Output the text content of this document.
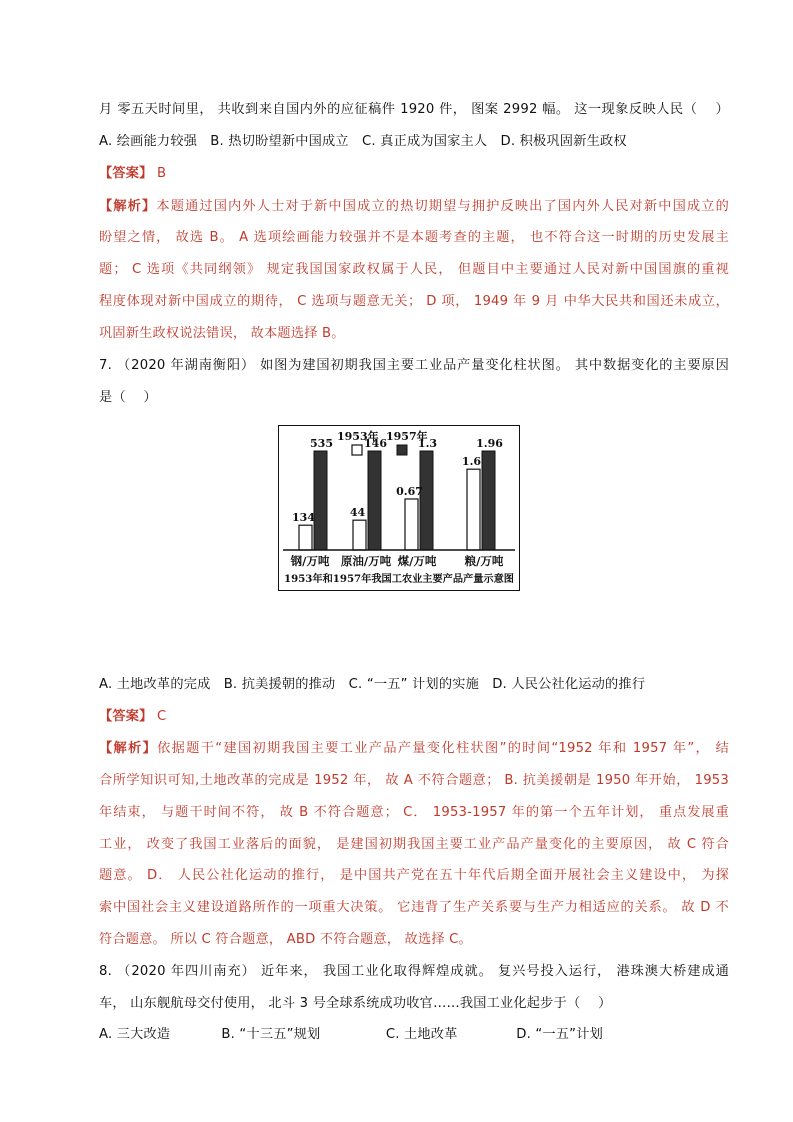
月 零五天时间里， 共收到来自国内外的应征稿件 1920 件， 图案 2992 幅。 这一现象反映人民（　 ）
A. 绘画能力较强 B. 热切盼望新中国成立 C. 真正成为国家主人 D. 积极巩固新生政权
【答案】 B
【解析】本题通过国内外人士对于新中国成立的热切期望与拥护反映出了国内外人民对新中国成立的
盼望之情， 故选 B。 A 选项绘画能力较强并不是本题考查的主题， 也不符合这一时期的历史发展主
题； C 选项《共同纲领》 规定我国国家政权属于人民， 但题目中主要通过人民对新中国国旗的重视
程度体现对新中国成立的期待， C 选项与题意无关； D 项， 1949 年 9 月 中华大民共和国还未成立，
巩固新生政权说法错误， 故本题选择 B。
7. （2020 年湖南衡阳） 如图为建国初期我国主要工业品产量变化柱状图。 其中数据变化的主要原因
是（　 ）
134
535
44
146
0.67
1.3
1.6
1.96
钢/万吨 原油/万吨 煤/万吨 粮/万吨
1953年和1957年我国工农业主要产品产量示意图
1953年 1957年
A. 土地改革的完成 B. 抗美援朝的推动 C. “一五” 计划的实施 D. 人民公社化运动的推行
【答案】 C
【解析】依据题干“建国初期我国主要工业产品产量变化柱状图”的时间“1952 年和 1957 年”， 结
合所学知识可知,土地改革的完成是 1952 年， 故 A 不符合题意； B. 抗美援朝是 1950 年开始， 1953
年结束， 与题干时间不符， 故 B 不符合题意； C． 1953-1957 年的第一个五年计划， 重点发展重
工业， 改变了我国工业落后的面貌， 是建国初期我国主要工业产品产量变化的主要原因， 故 C 符合
题意。 D． 人民公社化运动的推行， 是中国共产党在五十年代后期全面开展社会主义建设中， 为探
索中国社会主义建设道路所作的一项重大决策。 它违背了生产关系要与生产力相适应的关系。 故 D 不
符合题意。 所以 C 符合题意， ABD 不符合题意， 故选择 C。
8. （2020 年四川南充） 近年来， 我国工业化取得辉煌成就。 复兴号投入运行， 港珠澳大桥建成通
车， 山东舰航母交付使用， 北斗 3 号全球系统成功收官……我国工业化起步于（　 ）
A. 三大改造	B. “十三五”规划	C. 土地改革	D. “一五”计划
